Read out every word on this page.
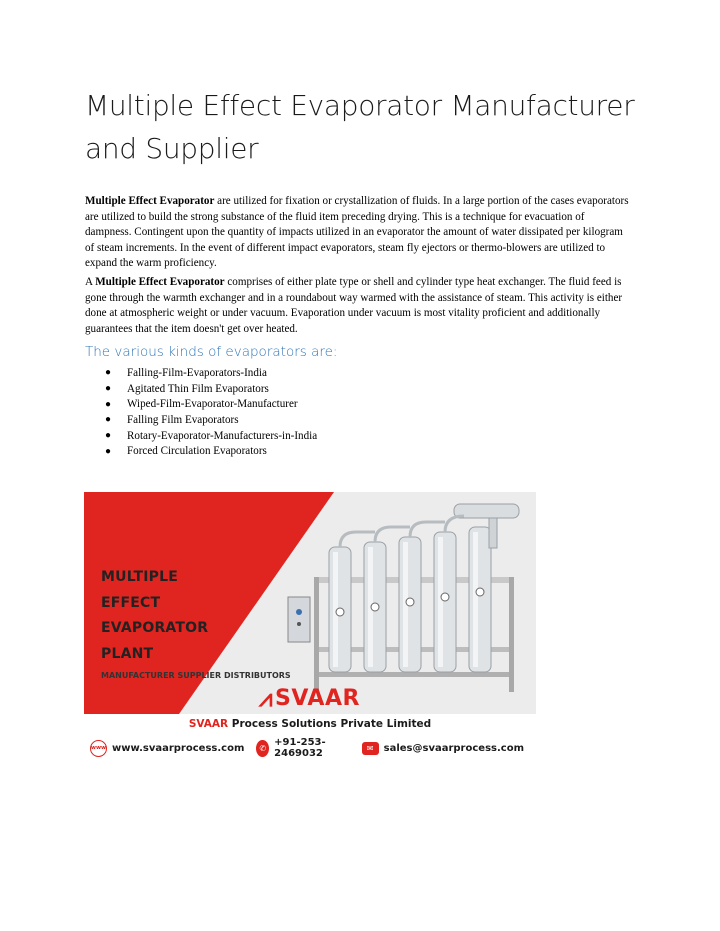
Multiple Effect Evaporator Manufacturer and Supplier

Multiple Effect Evaporator are utilized for fixation or crystallization of fluids. In a large portion of the cases evaporators are utilized to build the strong substance of the fluid item preceding drying. This is a technique for evacuation of dampness. Contingent upon the quantity of impacts utilized in an evaporator the amount of water dissipated per kilogram of steam increments. In the event of different impact evaporators, steam fly ejectors or thermo-blowers are utilized to expand the warm proficiency.

A Multiple Effect Evaporator comprises of either plate type or shell and cylinder type heat exchanger. The fluid feed is gone through the warmth exchanger and in a roundabout way warmed with the assistance of steam. This activity is either done at atmospheric weight or under vacuum. Evaporation under vacuum is most vitality proficient and additionally guarantees that the item doesn't get over heated.

The various kinds of evaporators are:
●	Falling-Film-Evaporators-India
●	Agitated Thin Film Evaporators
●	Wiped-Film-Evaporator-Manufacturer
●	Falling Film Evaporators
●	Rotary-Evaporator-Manufacturers-in-India
●	Forced Circulation Evaporators
MULTIPLE
EFFECT
EVAPORATOR
PLANT
MANUFACTURER SUPPLIER DISTRIBUTORS
⩘ SVAAR
SVAAR Process Solutions Private Limited
www www.svaarprocess.com	✆ +91-253-2469032	✉	sales@svaarprocess.com
